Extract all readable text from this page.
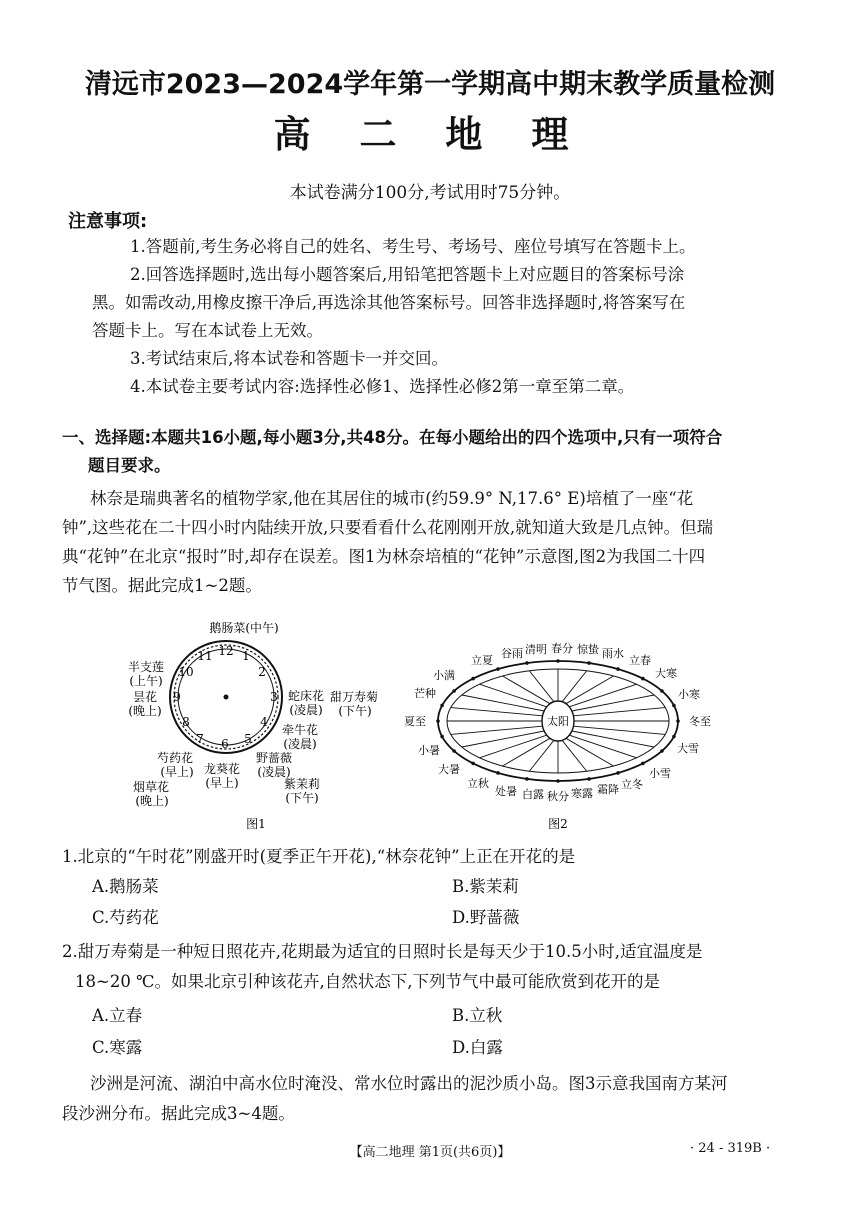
清远市2023—2024学年第一学期高中期末教学质量检测
高 二 地 理
本试卷满分100分,考试用时75分钟。
注意事项:
1.答题前,考生务必将自己的姓名、考生号、考场号、座位号填写在答题卡上。
2.回答选择题时,选出每小题答案后,用铅笔把答题卡上对应题目的答案标号涂
黑。如需改动,用橡皮擦干净后,再选涂其他答案标号。回答非选择题时,将答案写在
答题卡上。写在本试卷上无效。
3.考试结束后,将本试卷和答题卡一并交回。
4.本试卷主要考试内容:选择性必修1、选择性必修2第一章至第二章。
一、选择题:本题共16小题,每小题3分,共48分。在每小题给出的四个选项中,只有一项符合
题目要求。
林奈是瑞典著名的植物学家,他在其居住的城市(约59.9° N,17.6° E)培植了一座“花
钟”,这些花在二十四小时内陆续开放,只要看看什么花刚刚开放,就知道大致是几点钟。但瑞
典“花钟”在北京“报时”时,却存在误差。图1为林奈培植的“花钟”示意图,图2为我国二十四
节气图。据此完成1~2题。
12 1
2
3
4
5
6
7
8
9
10
11
鹅肠菜(中午)
半支莲
(上午)
昙花
(晚上)
蛇床花
(凌晨)
甜万寿菊
(下午)
牵牛花
(凌晨)
野蔷薇
(凌晨)
紫茉莉
(下午)
芍药花
(早上) 龙葵花
(早上)
烟草花
(晚上)
图1
太阳
立夏
谷雨 清明 春分 惊蛰 雨水
立春
大寒
小寒
冬至
大雪
小雪
立冬
霜降
寒露
秋分
白露
处暑
立秋
大暑
小暑
夏至
芒种
小满
图2
1.北京的“午时花”刚盛开时(夏季正午开花),“林奈花钟”上正在开花的是
A.鹅肠菜	B.紫茉莉
C.芍药花	D.野蔷薇
2.甜万寿菊是一种短日照花卉,花期最为适宜的日照时长是每天少于10.5小时,适宜温度是
18~20 ℃。如果北京引种该花卉,自然状态下,下列节气中最可能欣赏到花开的是
A.立春	B.立秋
C.寒露	D.白露
沙洲是河流、湖泊中高水位时淹没、常水位时露出的泥沙质小岛。图3示意我国南方某河
段沙洲分布。据此完成3~4题。
【高二地理 第1页(共6页)】	· 24 - 319B ·
